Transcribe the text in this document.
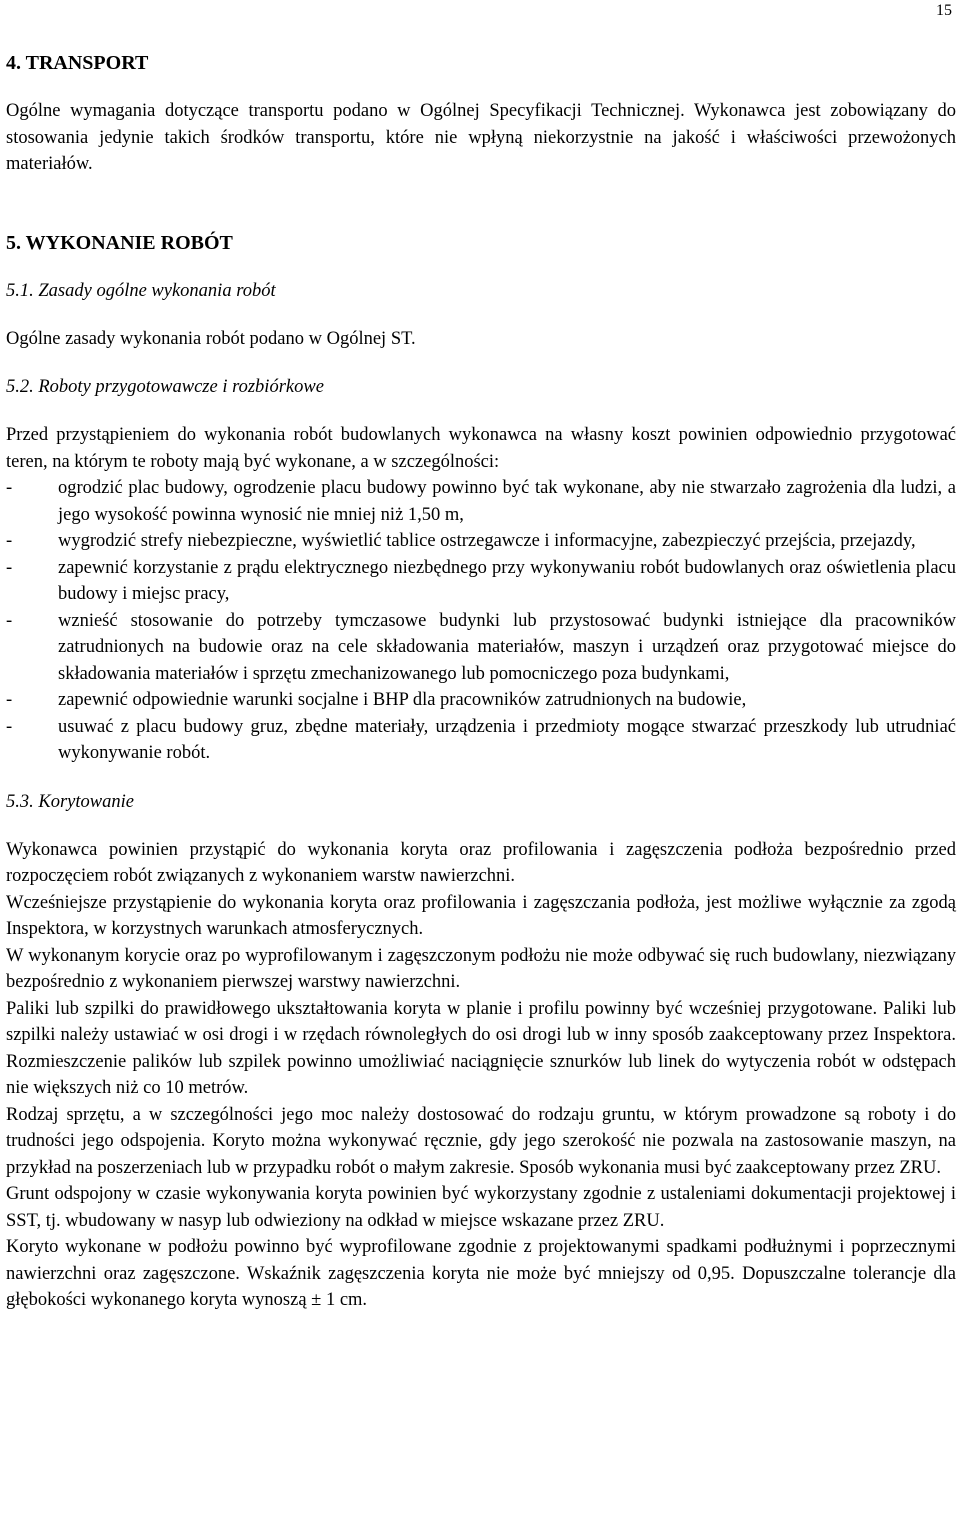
15
4. TRANSPORT

Ogólne wymagania dotyczące transportu podano w Ogólnej Specyfikacji Technicznej. Wykonawca jest zobowiązany do stosowania jedynie takich środków transportu, które nie wpłyną niekorzystnie na jakość i właściwości przewożonych materiałów.

5. WYKONANIE ROBÓT
5.1. Zasady ogólne wykonania robót

Ogólne zasady wykonania robót podano w Ogólnej ST.

5.2. Roboty przygotowawcze i rozbiórkowe

Przed przystąpieniem do wykonania robót budowlanych wykonawca na własny koszt powinien odpowiednio przygotować teren, na którym te roboty mają być wykonane, a w szczególności:

- ogrodzić plac budowy, ogrodzenie placu budowy powinno być tak wykonane, aby nie stwarzało zagrożenia dla ludzi, a jego wysokość powinna wynosić nie mniej niż 1,50 m,
- wygrodzić strefy niebezpieczne, wyświetlić tablice ostrzegawcze i informacyjne, zabezpieczyć przejścia, przejazdy,
- zapewnić korzystanie z prądu elektrycznego niezbędnego przy wykonywaniu robót budowlanych oraz oświetlenia placu budowy i miejsc pracy,
- wznieść stosowanie do potrzeby tymczasowe budynki lub przystosować budynki istniejące dla pracowników zatrudnionych na budowie oraz na cele składowania materiałów, maszyn i urządzeń oraz przygotować miejsce do składowania materiałów i sprzętu zmechanizowanego lub pomocniczego poza budynkami,
- zapewnić odpowiednie warunki socjalne i BHP dla pracowników zatrudnionych na budowie,
- usuwać z placu budowy gruz, zbędne materiały, urządzenia i przedmioty mogące stwarzać przeszkody lub utrudniać wykonywanie robót.
5.3. Korytowanie

Wykonawca powinien przystąpić do wykonania koryta oraz profilowania i zagęszczenia podłoża bezpośrednio przed rozpoczęciem robót związanych z wykonaniem warstw nawierzchni.

Wcześniejsze przystąpienie do wykonania koryta oraz profilowania i zagęszczania podłoża, jest możliwe wyłącznie za zgodą Inspektora, w korzystnych warunkach atmosferycznych.

W wykonanym korycie oraz po wyprofilowanym i zagęszczonym podłożu nie może odbywać się ruch budowlany, niezwiązany bezpośrednio z wykonaniem pierwszej warstwy nawierzchni.

Paliki lub szpilki do prawidłowego ukształtowania koryta w planie i profilu powinny być wcześniej przygotowane. Paliki lub szpilki należy ustawiać w osi drogi i w rzędach równoległych do osi drogi lub w inny sposób zaakceptowany przez Inspektora. Rozmieszczenie palików lub szpilek powinno umożliwiać naciągnięcie sznurków lub linek do wytyczenia robót w odstępach nie większych niż co 10 metrów.

Rodzaj sprzętu, a w szczególności jego moc należy dostosować do rodzaju gruntu, w którym prowadzone są roboty i do trudności jego odspojenia. Koryto można wykonywać ręcznie, gdy jego szerokość nie pozwala na zastosowanie maszyn, na przykład na poszerzeniach lub w przypadku robót o małym zakresie. Sposób wykonania musi być zaakceptowany przez ZRU.

Grunt odspojony w czasie wykonywania koryta powinien być wykorzystany zgodnie z ustaleniami dokumentacji projektowej i SST, tj. wbudowany w nasyp lub odwieziony na odkład w miejsce wskazane przez ZRU.

Koryto wykonane w podłożu powinno być wyprofilowane zgodnie z projektowanymi spadkami podłużnymi i poprzecznymi nawierzchni oraz zagęszczone. Wskaźnik zagęszczenia koryta nie może być mniejszy od 0,95. Dopuszczalne tolerancje dla głębokości wykonanego koryta wynoszą ± 1 cm.
